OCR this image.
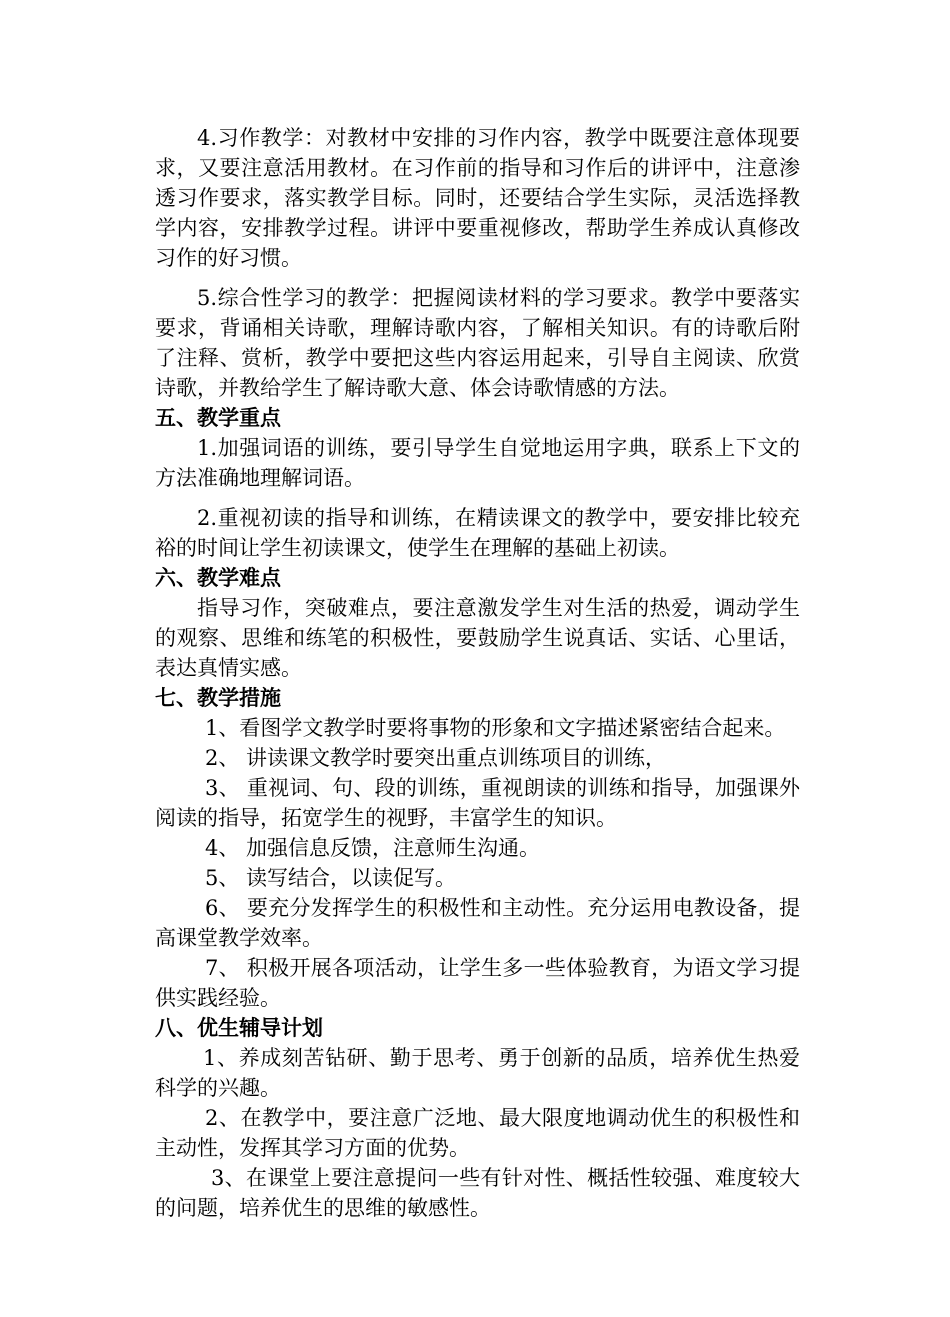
4.习作教学：对教材中安排的习作内容，教学中既要注意体现要求，又要注意活用教材。在习作前的指导和习作后的讲评中，注意渗透习作要求，落实教学目标。同时，还要结合学生实际，灵活选择教学内容，安排教学过程。讲评中要重视修改，帮助学生养成认真修改习作的好习惯。

5.综合性学习的教学：把握阅读材料的学习要求。教学中要落实要求，背诵相关诗歌，理解诗歌内容，了解相关知识。有的诗歌后附了注释、赏析，教学中要把这些内容运用起来，引导自主阅读、欣赏诗歌，并教给学生了解诗歌大意、体会诗歌情感的方法。

五、教学重点

1.加强词语的训练，要引导学生自觉地运用字典，联系上下文的方法准确地理解词语。

2.重视初读的指导和训练，在精读课文的教学中，要安排比较充裕的时间让学生初读课文，使学生在理解的基础上初读。

六、教学难点

指导习作，突破难点，要注意激发学生对生活的热爱，调动学生的观察、思维和练笔的积极性，要鼓励学生说真话、实话、心里话，表达真情实感。

七、教学措施

1、看图学文教学时要将事物的形象和文字描述紧密结合起来。

2、 讲读课文教学时要突出重点训练项目的训练，

3、 重视词、句、段的训练，重视朗读的训练和指导，加强课外阅读的指导，拓宽学生的视野，丰富学生的知识。

4、 加强信息反馈，注意师生沟通。

5、 读写结合，以读促写。

6、 要充分发挥学生的积极性和主动性。充分运用电教设备，提高课堂教学效率。

7、 积极开展各项活动，让学生多一些体验教育，为语文学习提供实践经验。

八、优生辅导计划

1、养成刻苦钻研、勤于思考、勇于创新的品质，培养优生热爱科学的兴趣。

2、在教学中，要注意广泛地、最大限度地调动优生的积极性和主动性，发挥其学习方面的优势。

3、在课堂上要注意提问一些有针对性、概括性较强、难度较大的问题，培养优生的思维的敏感性。
